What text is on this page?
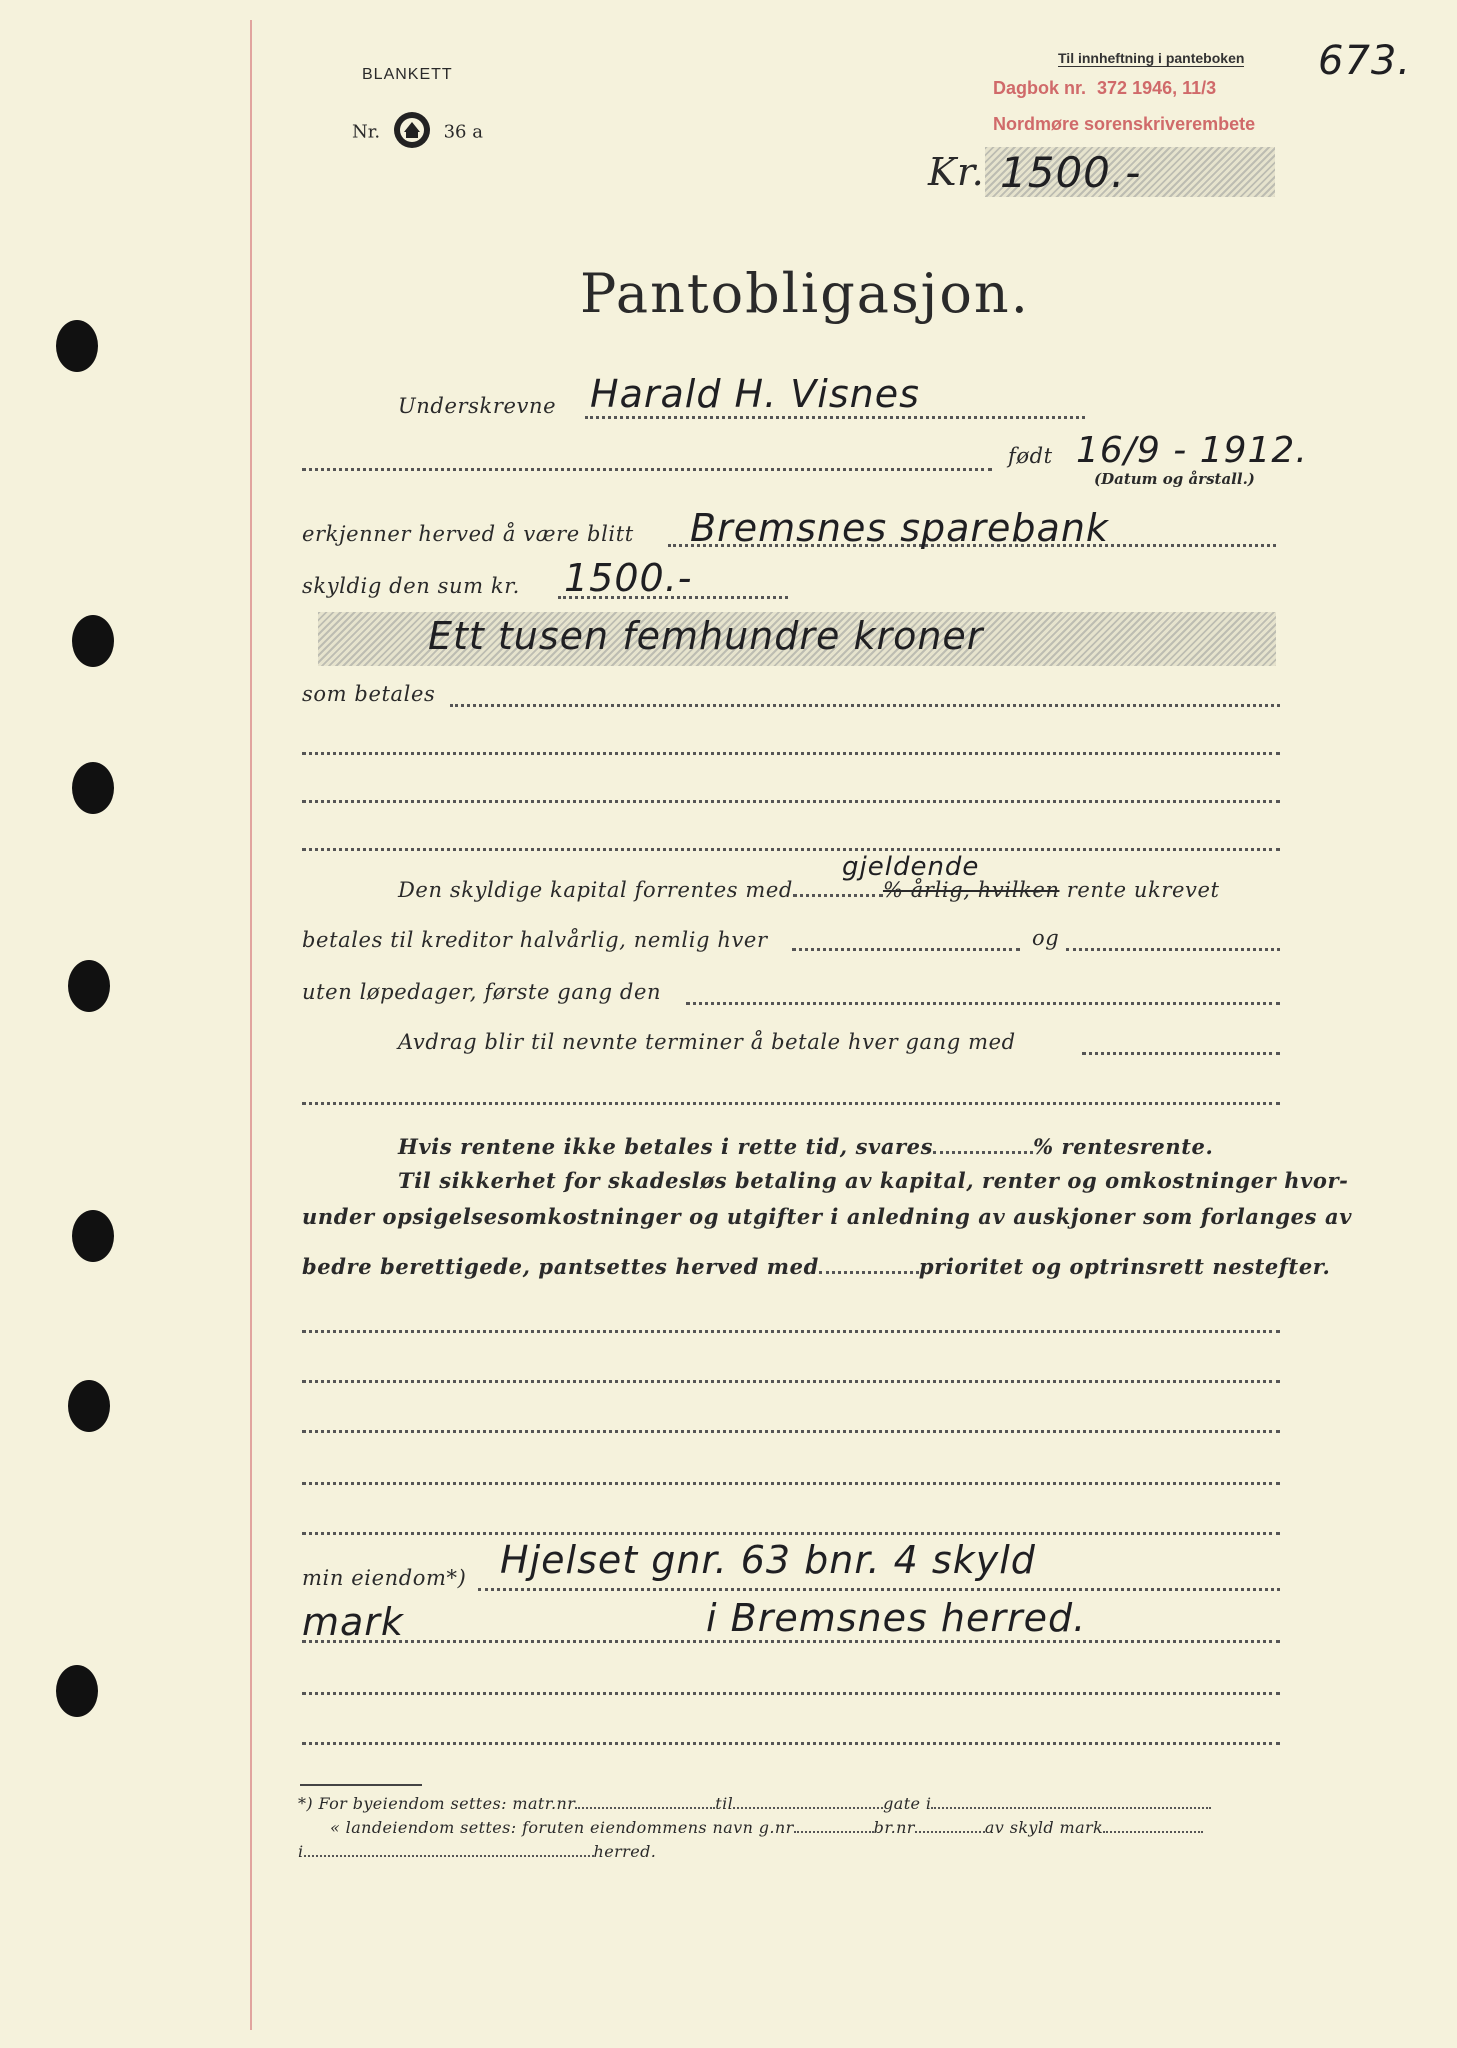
BLANKETT
Nr.	36 a
Til innheftning i panteboken
Dagbok nr. 372 1946, 11/3
Nordmøre sorenskriverembete
673.
Kr. 1500.-
Pantobligasjon.
Underskrevne Harald H. Visnes
født 16/9 - 1912.
(Datum og årstall.)
erkjenner herved å være blitt Bremsnes sparebank
skyldig den sum kr. 1500.-
Ett tusen femhundre kroner
som betales
Den skyldige kapital forrentes med	% årlig, hvilken rente ukrevet
gjeldende
betales til kreditor halvårlig, nemlig hver	og
uten løpedager, første gang den
Avdrag blir til nevnte terminer å betale hver gang med
Hvis rentene ikke betales i rette tid, svares	% rentesrente.
Til sikkerhet for skadesløs betaling av kapital, renter og omkostninger hvor-
under opsigelsesomkostninger og utgifter i anledning av auskjoner som forlanges av
bedre berettigede, pantsettes herved med	prioritet og optrinsrett nestefter.
min eiendom*) Hjelset gnr. 63 bnr. 4 skyld
mark	i Bremsnes herred.
*) For byeiendom settes: matr.nr	til	gate i
« landeiendom settes: foruten eiendommens navn g.nr	br.nr	av skyld mark
i	herred.
